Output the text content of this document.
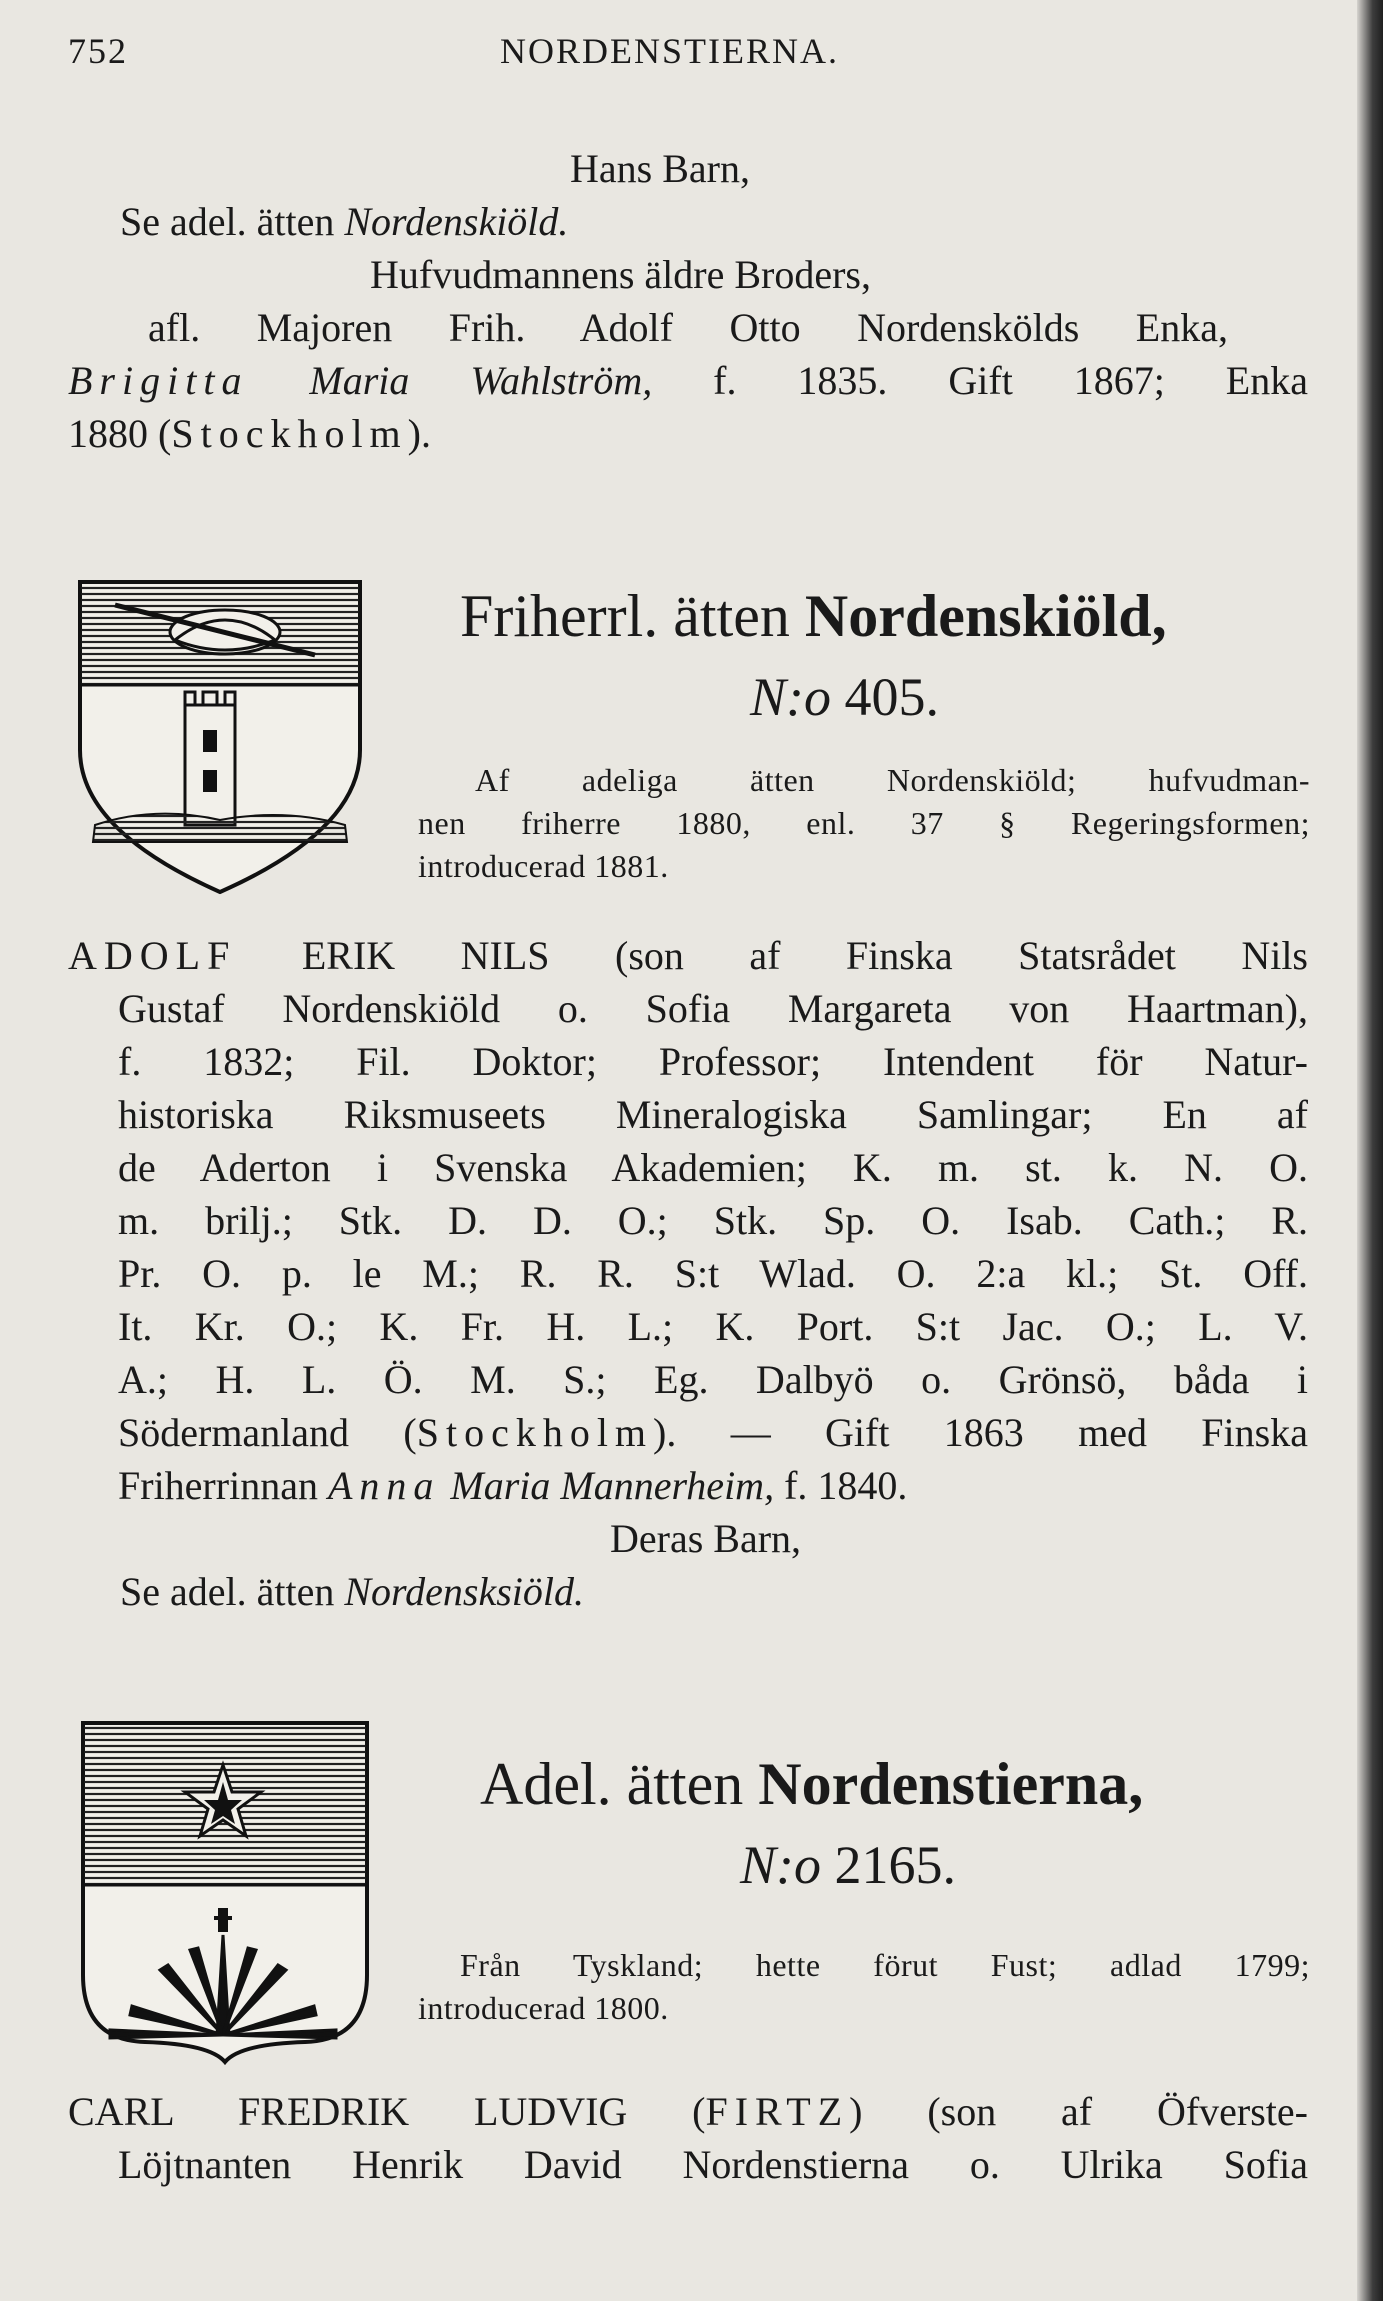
752	NORDENSTIERNA.
Hans Barn,
Se adel. ätten Nordenskiöld.
Hufvudmannens äldre Broders,
afl. Majoren Frih. Adolf Otto Nordenskölds Enka,
Brigitta Maria Wahlström, f. 1835. Gift 1867; Enka
1880 (Stockholm).
Friherrl. ätten Nordenskiöld,
N:o 405.
Af adeliga ätten Nordenskiöld; hufvudman-
nen friherre 1880, enl. 37 § Regeringsformen;
introducerad 1881.
ADOLF ERIK NILS (son af Finska Statsrådet Nils
Gustaf Nordenskiöld o. Sofia Margareta von Haartman),
f. 1832; Fil. Doktor; Professor; Intendent för Natur-
historiska Riksmuseets Mineralogiska Samlingar; En af
de Aderton i Svenska Akademien; K. m. st. k. N. O.
m. brilj.; Stk. D. D. O.; Stk. Sp. O. Isab. Cath.; R.
Pr. O. p. le M.; R. R. S:t Wlad. O. 2:a kl.; St. Off.
It. Kr. O.; K. Fr. H. L.; K. Port. S:t Jac. O.; L. V.
A.; H. L. Ö. M. S.; Eg. Dalbyö o. Grönsö, båda i
Södermanland (Stockholm). — Gift 1863 med Finska
Friherrinnan Anna Maria Mannerheim, f. 1840.
Deras Barn,
Se adel. ätten Nordensksiöld.
Adel. ätten Nordenstierna,
N:o 2165.
Från Tyskland; hette förut Fust; adlad 1799;
introducerad 1800.
CARL FREDRIK LUDVIG (FIRTZ) (son af Öfverste-
Löjtnanten Henrik David Nordenstierna o. Ulrika Sofia
